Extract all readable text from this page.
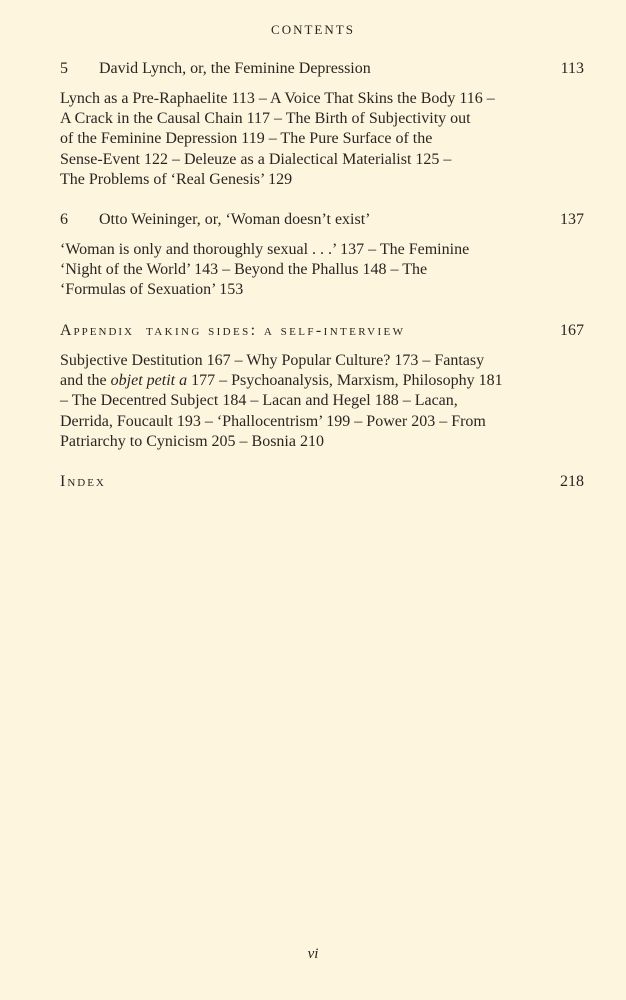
CONTENTS
5 David Lynch, or, the Feminine Depression	113
Lynch as a Pre-Raphaelite 113 – A Voice That Skins the Body 116 –
A Crack in the Causal Chain 117 – The Birth of Subjectivity out
of the Feminine Depression 119 – The Pure Surface of the
Sense-Event 122 – Deleuze as a Dialectical Materialist 125 –
The Problems of ‘Real Genesis’ 129
6 Otto Weininger, or, ‘Woman doesn’t exist’	137
‘Woman is only and thoroughly sexual . . .’ 137 – The Feminine
‘Night of the World’ 143 – Beyond the Phallus 148 – The
‘Formulas of Sexuation’ 153
Appendix taking sides: a self-interview	167
Subjective Destitution 167 – Why Popular Culture? 173 – Fantasy
and the objet petit a 177 – Psychoanalysis, Marxism, Philosophy 181
– The Decentred Subject 184 – Lacan and Hegel 188 – Lacan,
Derrida, Foucault 193 – ‘Phallocentrism’ 199 – Power 203 – From
Patriarchy to Cynicism 205 – Bosnia 210
Index	218
vi
